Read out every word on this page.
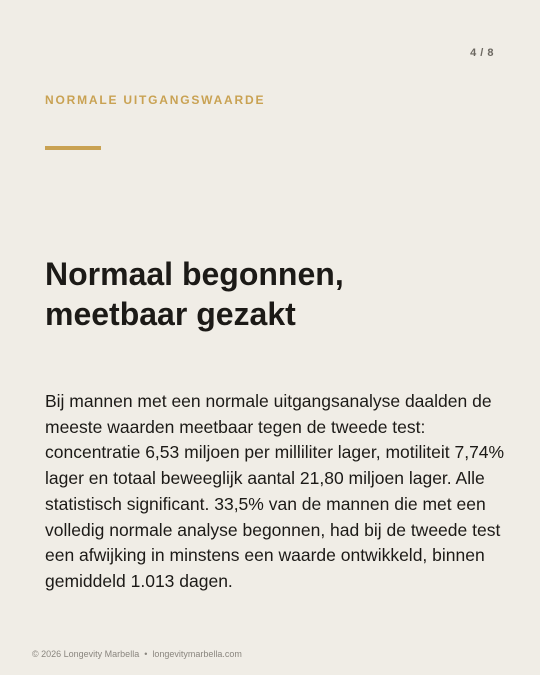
4 / 8
NORMALE UITGANGSWAARDE
Normaal begonnen,
meetbaar gezakt

Bij mannen met een normale uitgangsanalyse daalden de meeste waarden meetbaar tegen de tweede test: concentratie 6,53 miljoen per milliliter lager, motiliteit 7,74% lager en totaal beweeglijk aantal 21,80 miljoen lager. Alle statistisch significant. 33,5% van de mannen die met een volledig normale analyse begonnen, had bij de tweede test een afwijking in minstens een waarde ontwikkeld, binnen gemiddeld 1.013 dagen.

© 2026 Longevity Marbella • longevitymarbella.com
